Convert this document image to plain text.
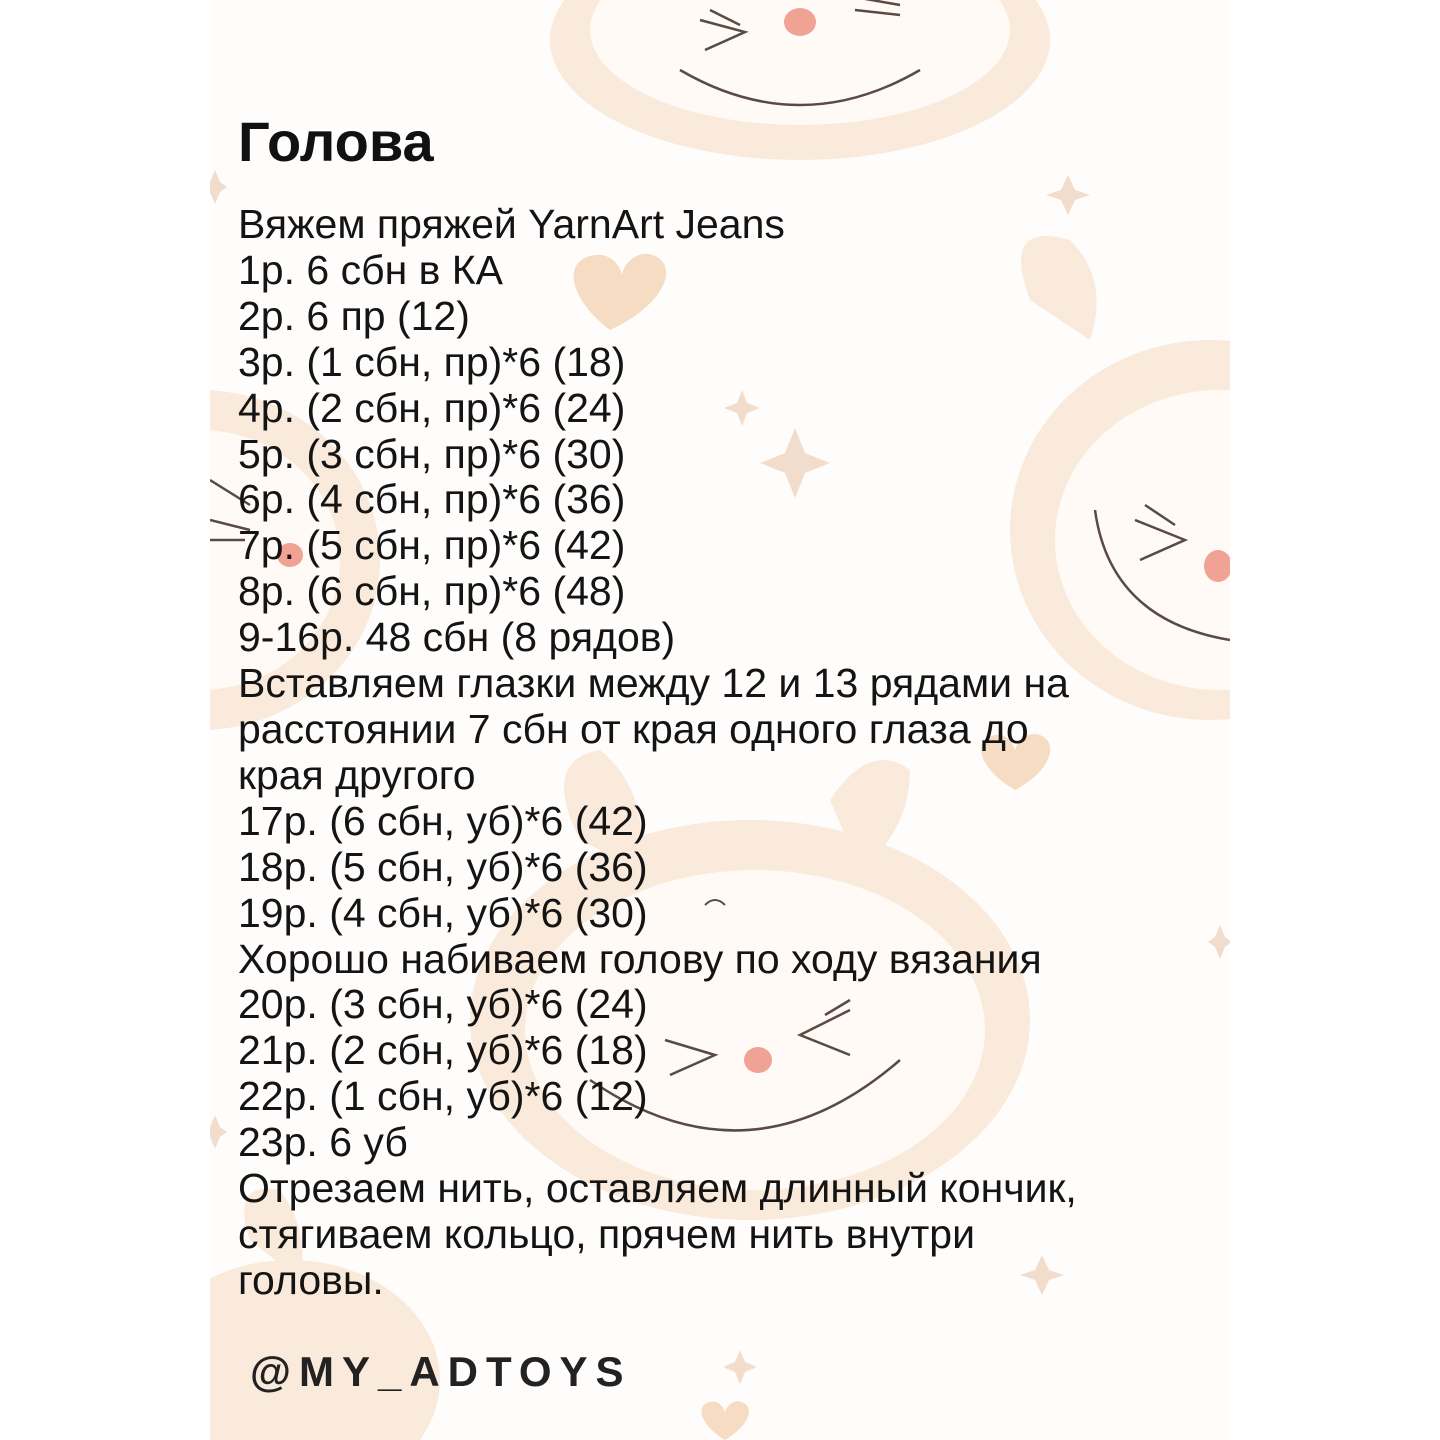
Голова
Вяжем пряжей YarnArt Jeans
1р. 6 сбн в КА
2р. 6 пр (12)
3р. (1 сбн, пр)*6 (18)
4р. (2 сбн, пр)*6 (24)
5р. (3 сбн, пр)*6 (30)
6р. (4 сбн, пр)*6 (36)
7р. (5 сбн, пр)*6 (42)
8р. (6 сбн, пр)*6 (48)
9-16р. 48 сбн (8 рядов)
Вставляем глазки между 12 и 13 рядами на
расстоянии 7 сбн от края одного глаза до
края другого
17р. (6 сбн, уб)*6 (42)
18р. (5 сбн, уб)*6 (36)
19р. (4 сбн, уб)*6 (30)
Хорошо набиваем голову по ходу вязания
20р. (3 сбн, уб)*6 (24)
21р. (2 сбн, уб)*6 (18)
22р. (1 сбн, уб)*6 (12)
23р. 6 уб
Отрезаем нить, оставляем длинный кончик,
стягиваем кольцо, прячем нить внутри
головы.
@MY_ADTOYS
